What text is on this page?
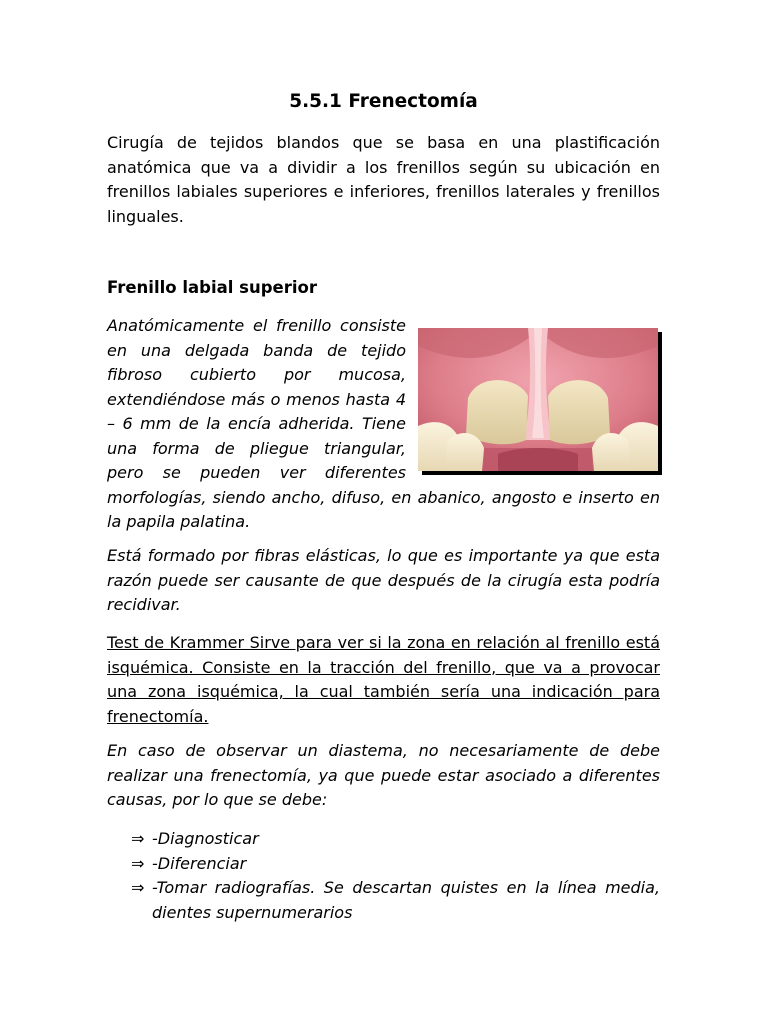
5.5.1 Frenectomía

Cirugía de tejidos blandos que se basa en una plastificación anatómica que va a dividir a los frenillos según su ubicación en frenillos labiales superiores e inferiores, frenillos laterales y frenillos linguales.

Frenillo labial superior

Anatómicamente el frenillo consiste en una delgada banda de tejido fibroso cubierto por mucosa, extendiéndose más o menos hasta 4 – 6 mm de la encía adherida. Tiene una forma de pliegue triangular, pero se pueden ver diferentes morfologías, siendo ancho, difuso, en abanico, angosto e inserto en la papila palatina.

Está formado por fibras elásticas, lo que es importante ya que esta razón puede ser causante de que después de la cirugía esta podría recidivar.

Test de Krammer Sirve para ver si la zona en relación al frenillo está isquémica. Consiste en la tracción del frenillo, que va a provocar una zona isquémica, la cual también sería una indicación para frenectomía.

En caso de observar un diastema, no necesariamente de debe realizar una frenectomía, ya que puede estar asociado a diferentes causas, por lo que se debe:

⇒ -Diagnosticar
⇒ -Diferenciar
⇒ -Tomar radiografías. Se descartan quistes en la línea media, dientes supernumerarios
